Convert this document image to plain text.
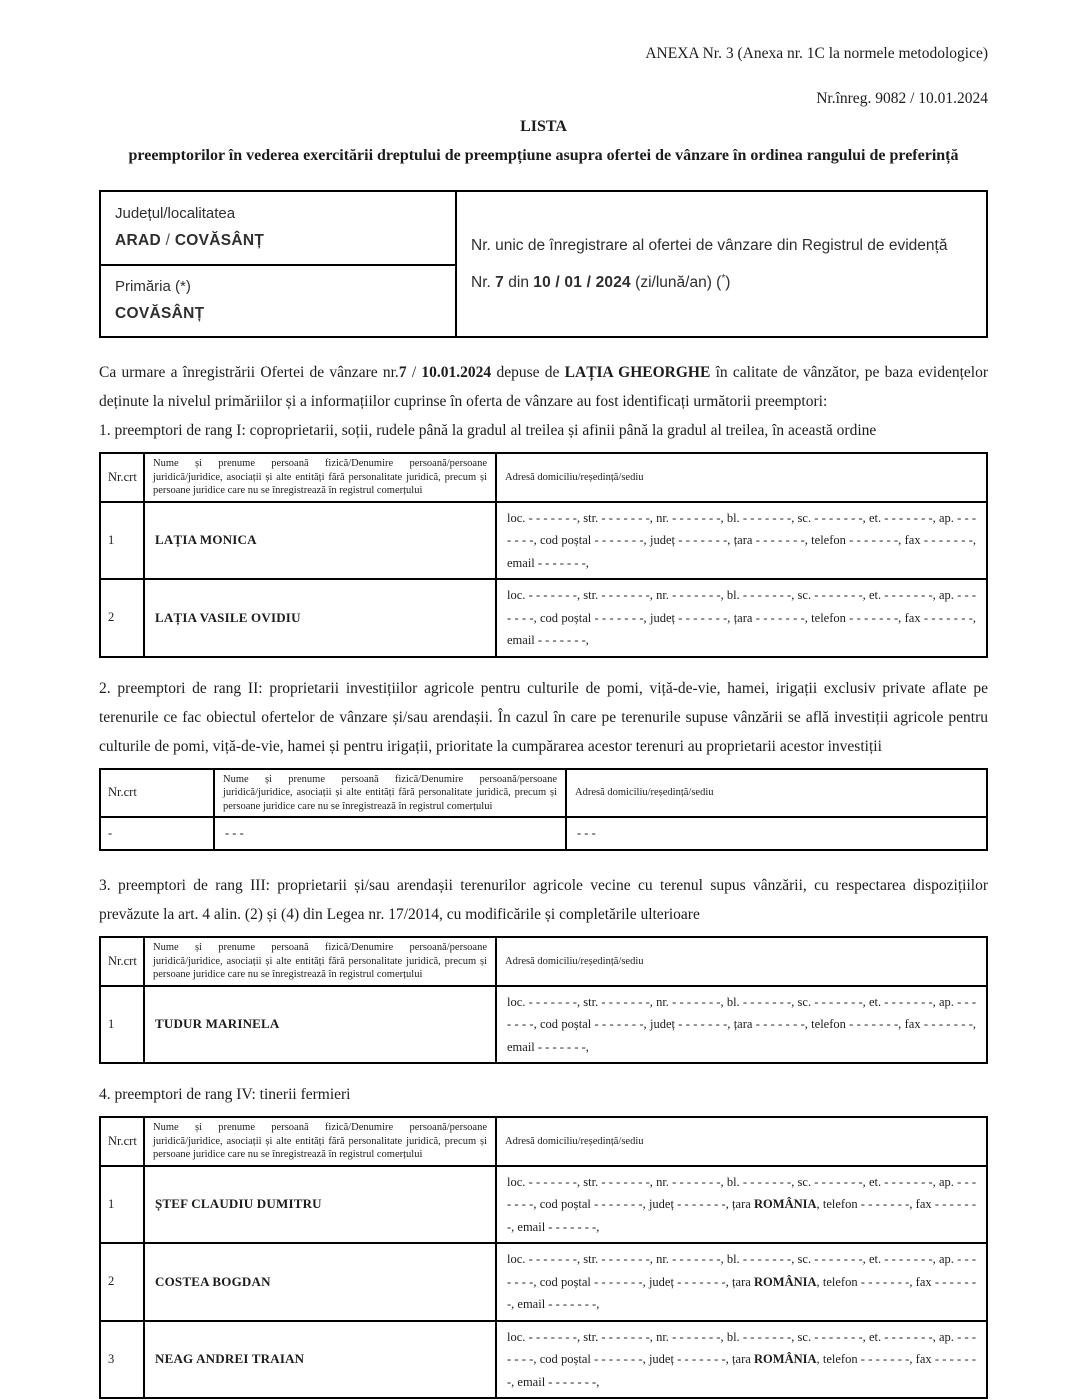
ANEXA Nr. 3 (Anexa nr. 1C la normele metodologice)
Nr.înreg. 9082 / 10.01.2024
LISTA
preemptorilor în vederea exercitării dreptului de preempțiune asupra ofertei de vânzare în ordinea rangului de preferință
Județul/localitatea
ARAD / COVĂSÂNȚ	Nr. unic de înregistrare al ofertei de vânzare din Registrul de evidență
Nr. 7 din 10 / 01 / 2024 (zi/lună/an) (*)

Primăria (*)
COVĂSÂNȚ

Ca urmare a înregistrării Ofertei de vânzare nr.7 / 10.01.2024 depuse de LAȚIA GHEORGHE în calitate de vânzător, pe baza evidențelor deținute la nivelul primăriilor și a informațiilor cuprinse în oferta de vânzare au fost identificați următorii preemptori:

1. preemptori de rang I: coproprietarii, soții, rudele până la gradul al treilea și afinii până la gradul al treilea, în această ordine

Nr.crt	Nume și prenume persoană fizică/Denumire persoană/persoane juridică/juridice, asociații și alte entități fără personalitate juridică, precum și persoane juridice care nu se înregistrează în registrul comerțului	Adresă domiciliu/reședință/sediu
1	LAȚIA MONICA	loc. - - - - - - -, str. - - - - - - -, nr. - - - - - - -, bl. - - - - - - -, sc. - - - - - - -, et. - - - - - - -, ap. - - - - - - -, cod poștal - - - - - - -, județ - - - - - - -, țara - - - - - - -, telefon - - - - - - -, fax - - - - - - -, email - - - - - - -,
2	LAȚIA VASILE OVIDIU	loc. - - - - - - -, str. - - - - - - -, nr. - - - - - - -, bl. - - - - - - -, sc. - - - - - - -, et. - - - - - - -, ap. - - - - - - -, cod poștal - - - - - - -, județ - - - - - - -, țara - - - - - - -, telefon - - - - - - -, fax - - - - - - -, email - - - - - - -,

2. preemptori de rang II: proprietarii investițiilor agricole pentru culturile de pomi, viță-de-vie, hamei, irigații exclusiv private aflate pe terenurile ce fac obiectul ofertelor de vânzare și/sau arendașii. În cazul în care pe terenurile supuse vânzării se află investiții agricole pentru culturile de pomi, viță-de-vie, hamei și pentru irigații, prioritate la cumpărarea acestor terenuri au proprietarii acestor investiții

Nr.crt	Nume și prenume persoană fizică/Denumire persoană/persoane juridică/juridice, asociații și alte entități fără personalitate juridică, precum și persoane juridice care nu se înregistrează în registrul comerțului	Adresă domiciliu/reședință/sediu
-	- - -	- - -

3. preemptori de rang III: proprietarii și/sau arendașii terenurilor agricole vecine cu terenul supus vânzării, cu respectarea dispozițiilor prevăzute la art. 4 alin. (2) și (4) din Legea nr. 17/2014, cu modificările și completările ulterioare

Nr.crt	Nume și prenume persoană fizică/Denumire persoană/persoane juridică/juridice, asociații și alte entități fără personalitate juridică, precum și persoane juridice care nu se înregistrează în registrul comerțului	Adresă domiciliu/reședință/sediu
1	TUDUR MARINELA	loc. - - - - - - -, str. - - - - - - -, nr. - - - - - - -, bl. - - - - - - -, sc. - - - - - - -, et. - - - - - - -, ap. - - - - - - -, cod poștal - - - - - - -, județ - - - - - - -, țara - - - - - - -, telefon - - - - - - -, fax - - - - - - -, email - - - - - - -,

4. preemptori de rang IV: tinerii fermieri

Nr.crt	Nume și prenume persoană fizică/Denumire persoană/persoane juridică/juridice, asociații și alte entități fără personalitate juridică, precum și persoane juridice care nu se înregistrează în registrul comerțului	Adresă domiciliu/reședință/sediu
1	ȘTEF CLAUDIU DUMITRU	loc. - - - - - - -, str. - - - - - - -, nr. - - - - - - -, bl. - - - - - - -, sc. - - - - - - -, et. - - - - - - -, ap. - - - - - - -, cod poștal - - - - - - -, județ - - - - - - -, țara ROMÂNIA, telefon - - - - - - -, fax - - - - - - -, email - - - - - - -,
2	COSTEA BOGDAN	loc. - - - - - - -, str. - - - - - - -, nr. - - - - - - -, bl. - - - - - - -, sc. - - - - - - -, et. - - - - - - -, ap. - - - - - - -, cod poștal - - - - - - -, județ - - - - - - -, țara ROMÂNIA, telefon - - - - - - -, fax - - - - - - -, email - - - - - - -,
3	NEAG ANDREI TRAIAN	loc. - - - - - - -, str. - - - - - - -, nr. - - - - - - -, bl. - - - - - - -, sc. - - - - - - -, et. - - - - - - -, ap. - - - - - - -, cod poștal - - - - - - -, județ - - - - - - -, țara ROMÂNIA, telefon - - - - - - -, fax - - - - - - -, email - - - - - - -,
